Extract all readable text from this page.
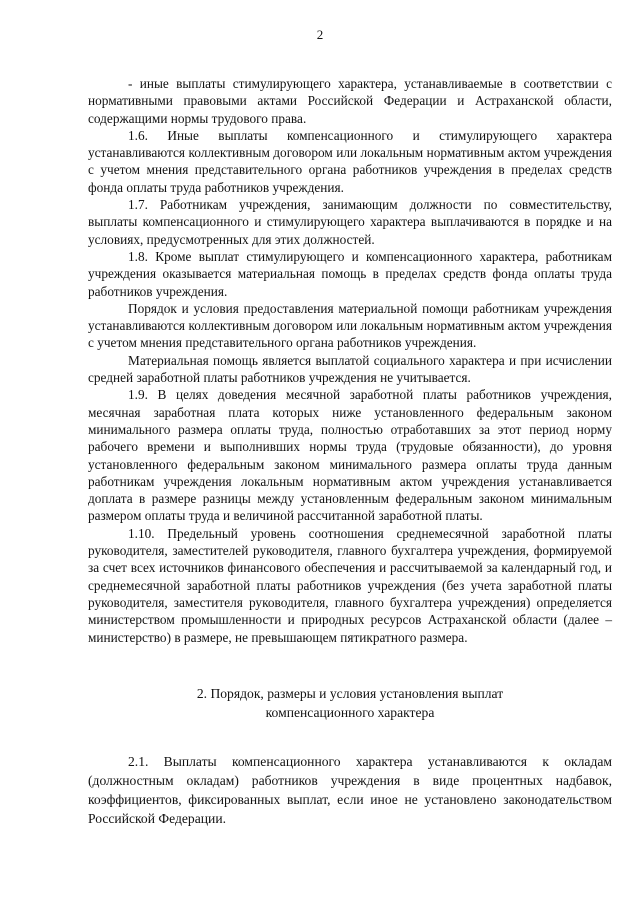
2

- иные выплаты стимулирующего характера, устанавливаемые в соответствии с нормативными правовыми актами Российской Федерации и Астраханской области, содержащими нормы трудового права.

1.6. Иные выплаты компенсационного и стимулирующего характера устанавливаются коллективным договором или локальным нормативным актом учреждения с учетом мнения представительного органа работников учреждения в пределах средств фонда оплаты труда работников учреждения.

1.7. Работникам учреждения, занимающим должности по совместительству, выплаты компенсационного и стимулирующего характера выплачиваются в порядке и на условиях, предусмотренных для этих должностей.

1.8. Кроме выплат стимулирующего и компенсационного характера, работникам учреждения оказывается материальная помощь в пределах средств фонда оплаты труда работников учреждения.

Порядок и условия предоставления материальной помощи работникам учреждения устанавливаются коллективным договором или локальным нормативным актом учреждения с учетом мнения представительного органа работников учреждения.

Материальная помощь является выплатой социального характера и при исчислении средней заработной платы работников учреждения не учитывается.

1.9. В целях доведения месячной заработной платы работников учреждения, месячная заработная плата которых ниже установленного федеральным законом минимального размера оплаты труда, полностью отработавших за этот период норму рабочего времени и выполнивших нормы труда (трудовые обязанности), до уровня установленного федеральным законом минимального размера оплаты труда данным работникам учреждения локальным нормативным актом учреждения устанавливается доплата в размере разницы между установленным федеральным законом минимальным размером оплаты труда и величиной рассчитанной заработной платы.

1.10. Предельный уровень соотношения среднемесячной заработной платы руководителя, заместителей руководителя, главного бухгалтера учреждения, формируемой за счет всех источников финансового обеспечения и рассчитываемой за календарный год, и среднемесячной заработной платы работников учреждения (без учета заработной платы руководителя, заместителя руководителя, главного бухгалтера учреждения) определяется министерством промышленности и природных ресурсов Астраханской области (далее – министерство) в размере, не превышающем пятикратного размера.

2. Порядок, размеры и условия установления выплат
компенсационного характера

2.1. Выплаты компенсационного характера устанавливаются к окладам (должностным окладам) работников учреждения в виде процентных надбавок, коэффициентов, фиксированных выплат, если иное не установлено законодательством Российской Федерации.
